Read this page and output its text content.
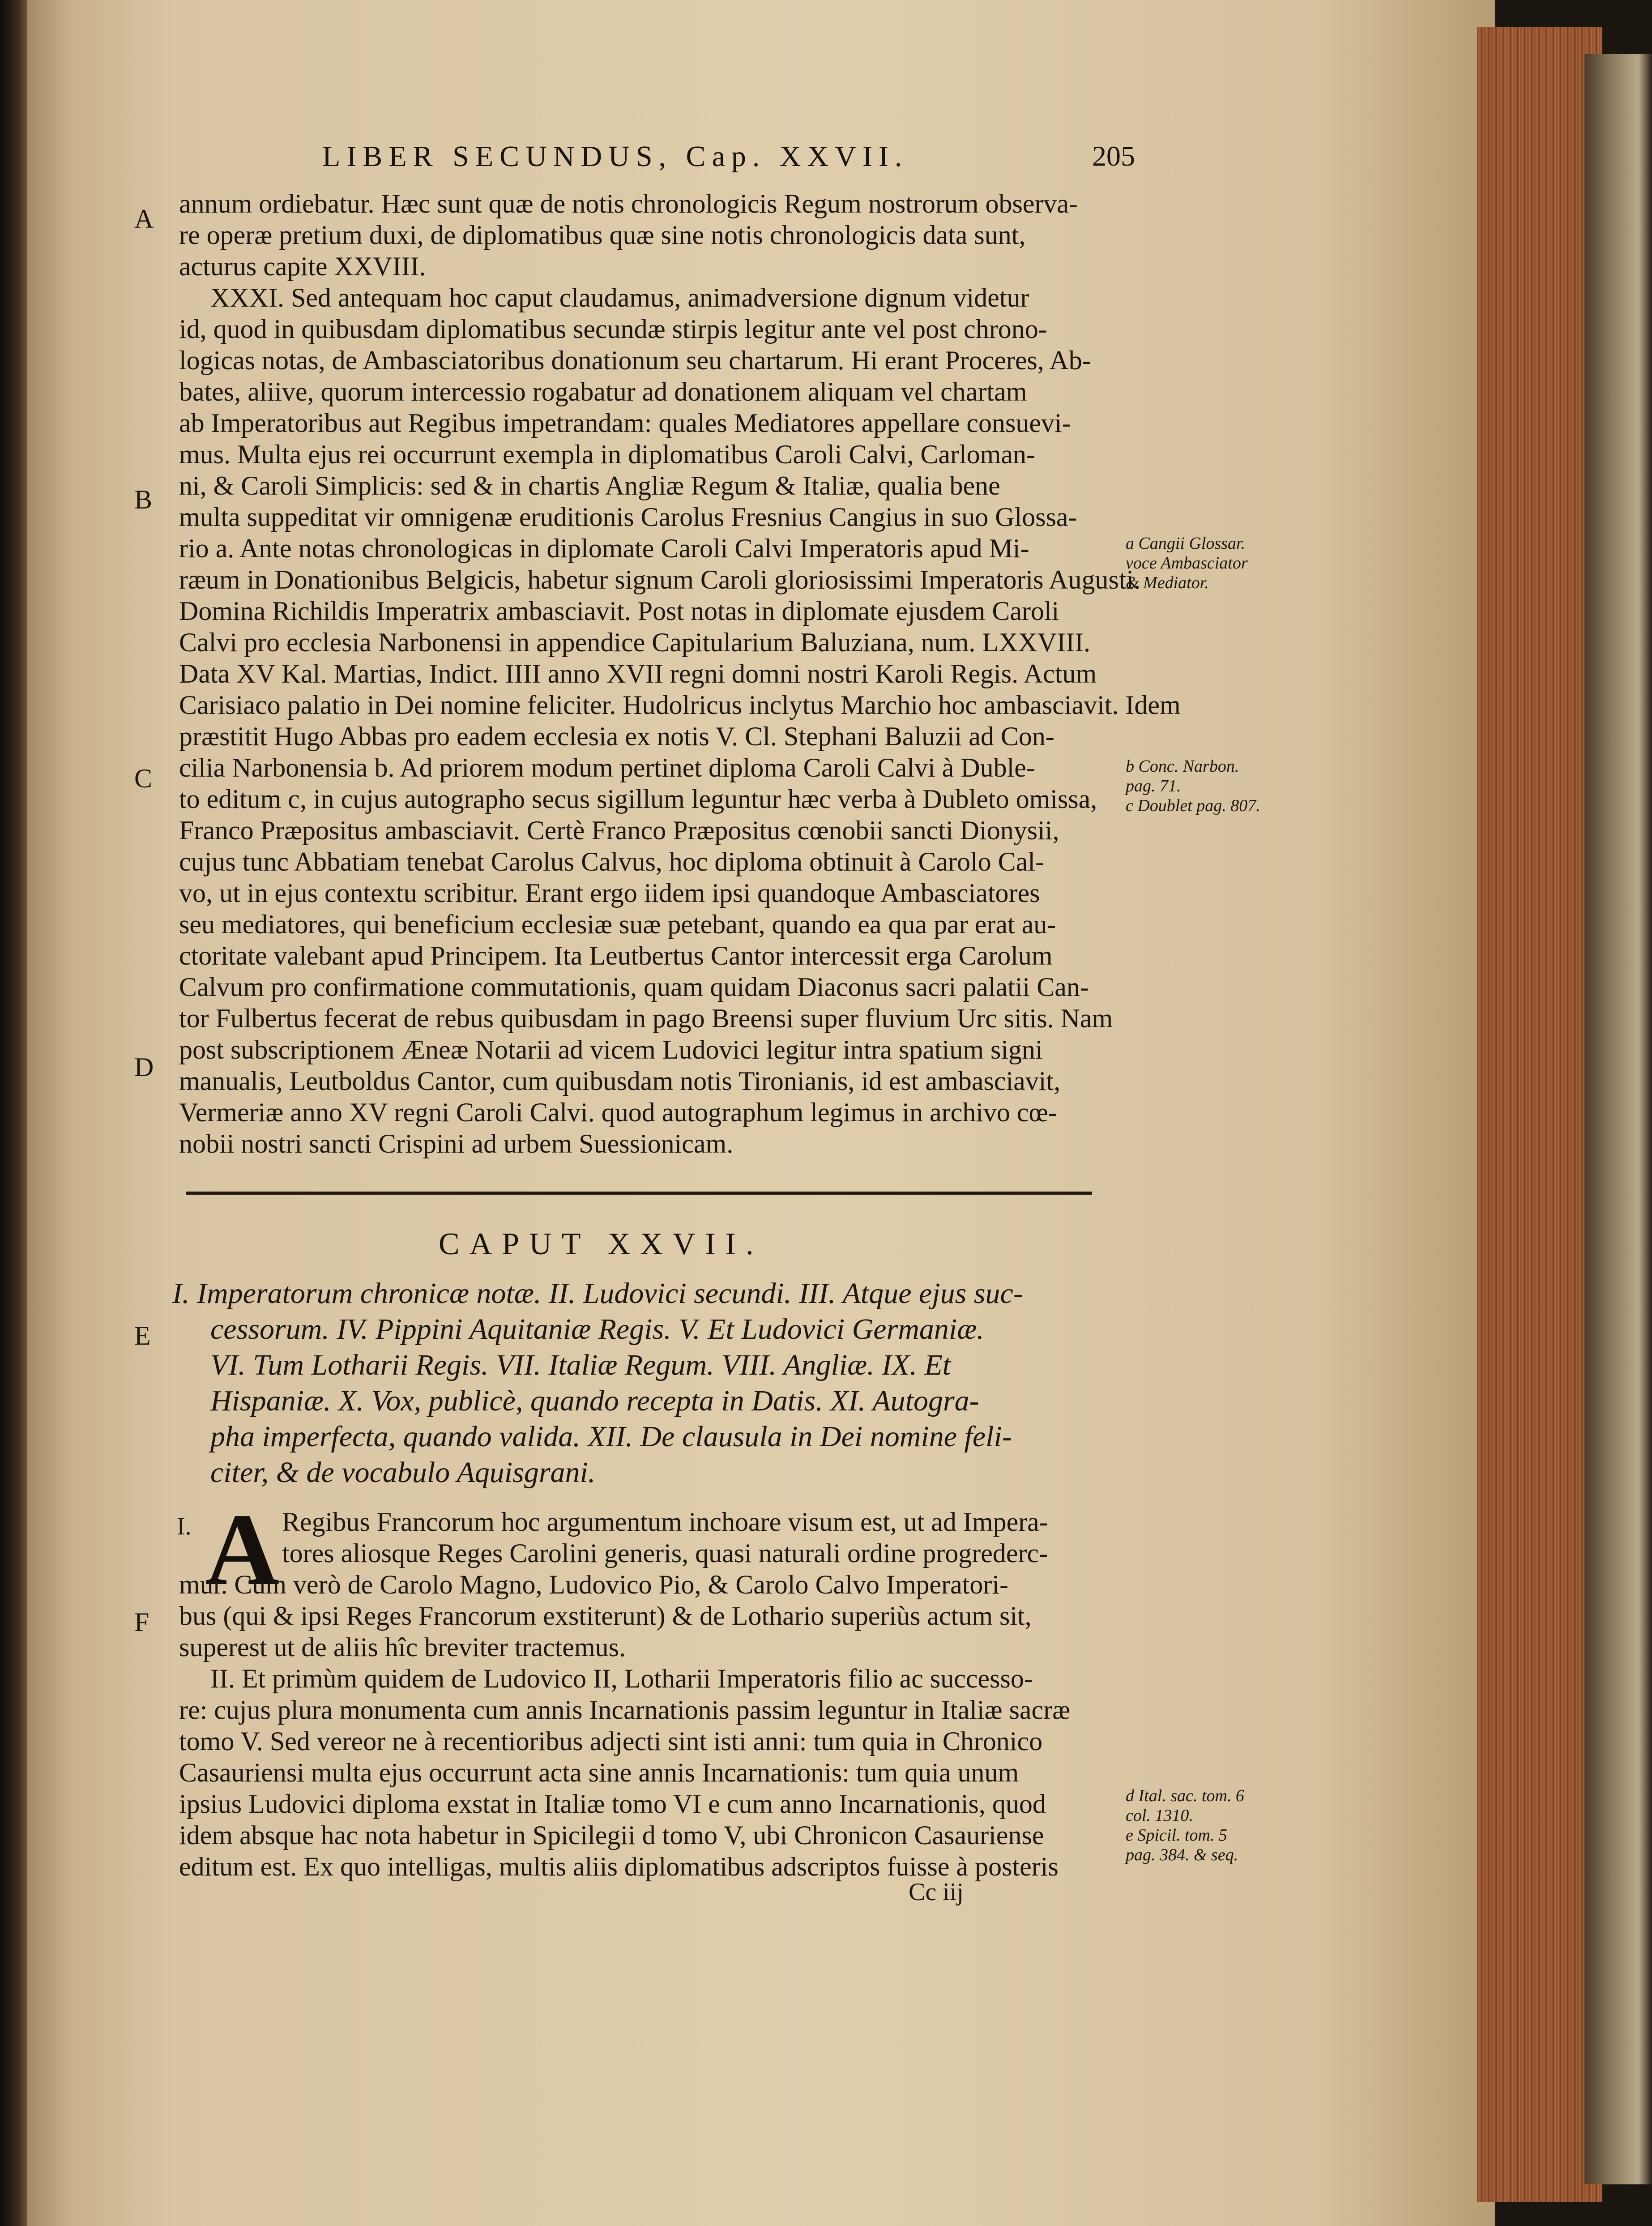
LIBER SECUNDUS, Cap. XXVII.	205
A
B
C
D
E
F
annum ordiebatur. Hæc sunt quæ de notis chronologicis Regum nostrorum observa-
re operæ pretium duxi, de diplomatibus quæ sine notis chronologicis data sunt,
acturus capite XXVIII.
XXXI. Sed antequam hoc caput claudamus, animadversione dignum videtur
id, quod in quibusdam diplomatibus secundæ stirpis legitur ante vel post chrono-
logicas notas, de Ambasciatoribus donationum seu chartarum. Hi erant Proceres, Ab-
bates, aliive, quorum intercessio rogabatur ad donationem aliquam vel chartam
ab Imperatoribus aut Regibus impetrandam: quales Mediatores appellare consuevi-
mus. Multa ejus rei occurrunt exempla in diplomatibus Caroli Calvi, Carloman-
ni, & Caroli Simplicis: sed & in chartis Angliæ Regum & Italiæ, qualia bene
multa suppeditat vir omnigenæ eruditionis Carolus Fresnius Cangius in suo Glossa-
rio a. Ante notas chronologicas in diplomate Caroli Calvi Imperatoris apud Mi-
ræum in Donationibus Belgicis, habetur signum Caroli gloriosissimi Imperatoris Augusti.
Domina Richildis Imperatrix ambasciavit. Post notas in diplomate ejusdem Caroli
Calvi pro ecclesia Narbonensi in appendice Capitularium Baluziana, num. LXXVIII.
Data XV Kal. Martias, Indict. IIII anno XVII regni domni nostri Karoli Regis. Actum
Carisiaco palatio in Dei nomine feliciter. Hudolricus inclytus Marchio hoc ambasciavit. Idem
præstitit Hugo Abbas pro eadem ecclesia ex notis V. Cl. Stephani Baluzii ad Con-
cilia Narbonensia b. Ad priorem modum pertinet diploma Caroli Calvi à Duble-
to editum c, in cujus autographo secus sigillum leguntur hæc verba à Dubleto omissa,
Franco Præpositus ambasciavit. Certè Franco Præpositus cœnobii sancti Dionysii,
cujus tunc Abbatiam tenebat Carolus Calvus, hoc diploma obtinuit à Carolo Cal-
vo, ut in ejus contextu scribitur. Erant ergo iidem ipsi quandoque Ambasciatores
seu mediatores, qui beneficium ecclesiæ suæ petebant, quando ea qua par erat au-
ctoritate valebant apud Principem. Ita Leutbertus Cantor intercessit erga Carolum
Calvum pro confirmatione commutationis, quam quidam Diaconus sacri palatii Can-
tor Fulbertus fecerat de rebus quibusdam in pago Breensi super fluvium Urc sitis. Nam
post subscriptionem Æneæ Notarii ad vicem Ludovici legitur intra spatium signi
manualis, Leutboldus Cantor, cum quibusdam notis Tironianis, id est ambasciavit,
Vermeriæ anno XV regni Caroli Calvi. quod autographum legimus in archivo cœ-
nobii nostri sancti Crispini ad urbem Suessionicam.
a Cangii Glossar.
voce Ambasciator
& Mediator.
b Conc. Narbon.
pag. 71.
c Doublet pag. 807.
d Ital. sac. tom. 6
col. 1310.
e Spicil. tom. 5
pag. 384. & seq.
CAPUT XXVII.
I. Imperatorum chronicæ notæ. II. Ludovici secundi. III. Atque ejus suc-
cessorum. IV. Pippini Aquitaniæ Regis. V. Et Ludovici Germaniæ.
VI. Tum Lotharii Regis. VII. Italiæ Regum. VIII. Angliæ. IX. Et
Hispaniæ. X. Vox, publicè, quando recepta in Datis. XI. Autogra-
pha imperfecta, quando valida. XII. De clausula in Dei nomine feli-
citer, & de vocabulo Aquisgrani.
I. A Regibus Francorum hoc argumentum inchoare visum est, ut ad Impera-
tores aliosque Reges Carolini generis, quasi naturali ordine progrederc-
mur. Cum verò de Carolo Magno, Ludovico Pio, & Carolo Calvo Imperatori-
bus (qui & ipsi Reges Francorum exstiterunt) & de Lothario superiùs actum sit,
superest ut de aliis hîc breviter tractemus.
II. Et primùm quidem de Ludovico II, Lotharii Imperatoris filio ac successo-
re: cujus plura monumenta cum annis Incarnationis passim leguntur in Italiæ sacræ
tomo V. Sed vereor ne à recentioribus adjecti sint isti anni: tum quia in Chronico
Casauriensi multa ejus occurrunt acta sine annis Incarnationis: tum quia unum
ipsius Ludovici diploma exstat in Italiæ tomo VI e cum anno Incarnationis, quod
idem absque hac nota habetur in Spicilegii d tomo V, ubi Chronicon Casauriense
editum est. Ex quo intelligas, multis aliis diplomatibus adscriptos fuisse à posteris
Cc iij
